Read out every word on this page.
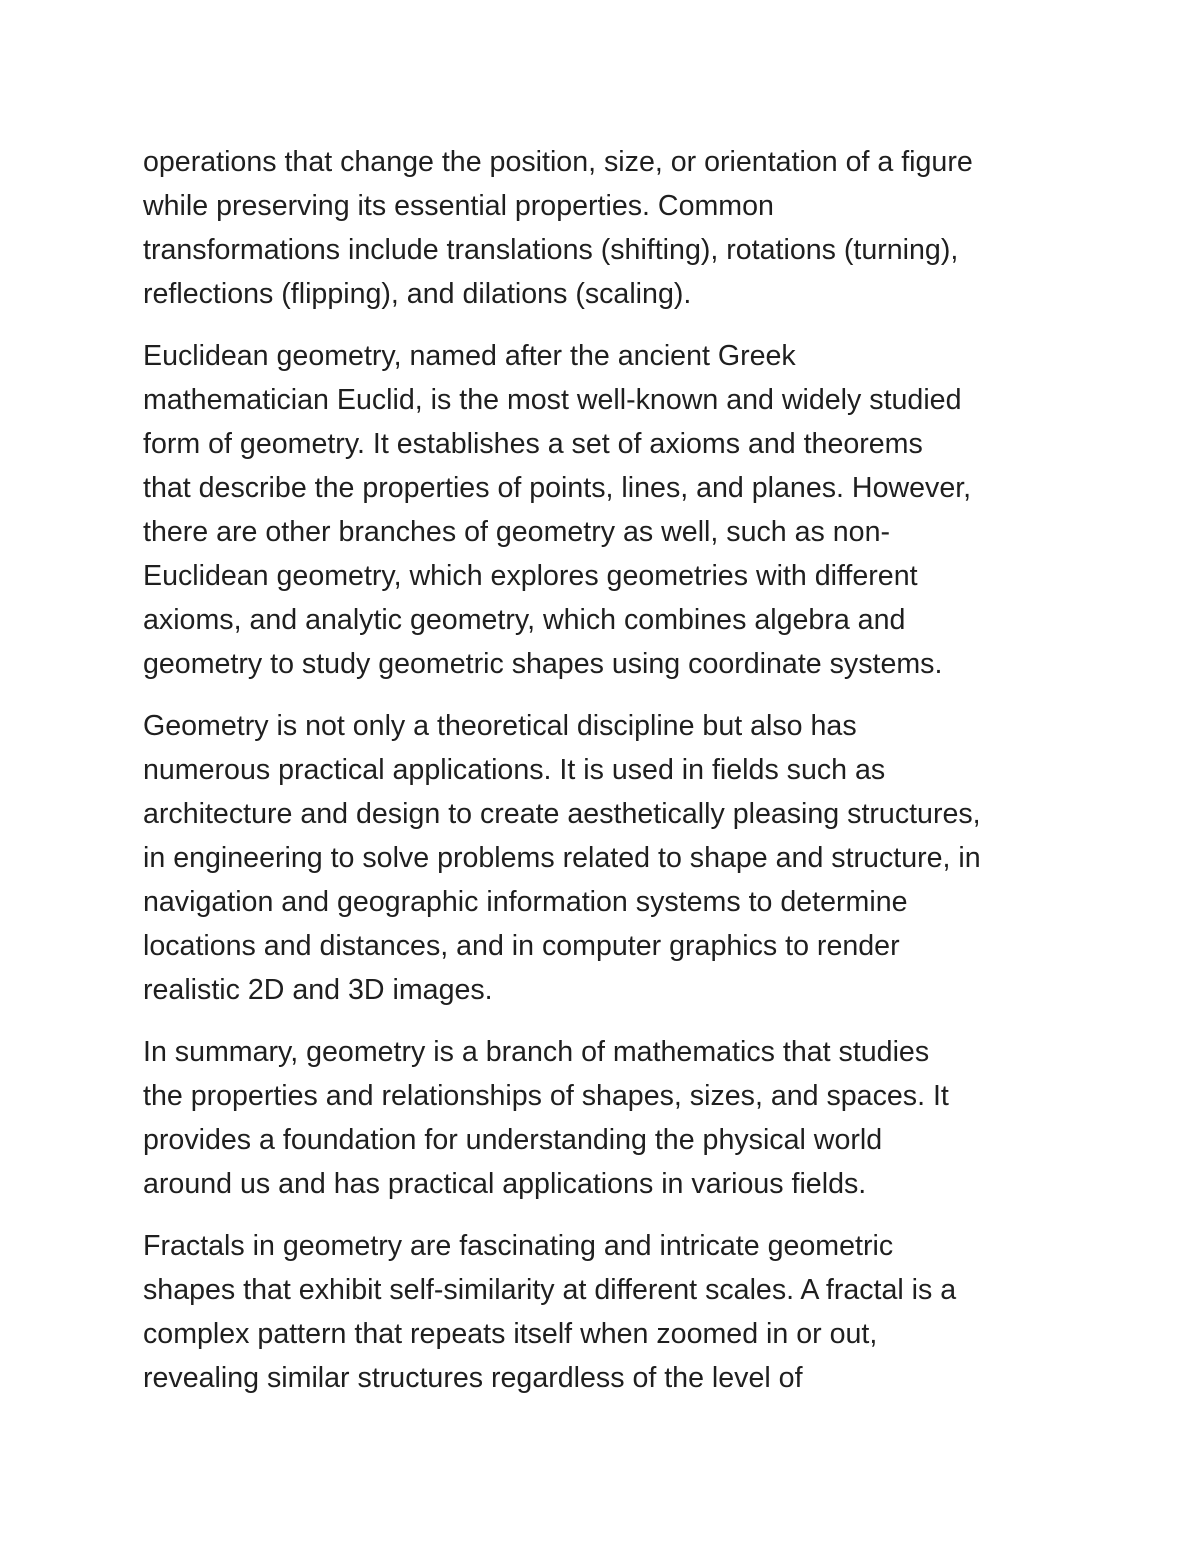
operations that change the position, size, or orientation of a figure
while preserving its essential properties. Common
transformations include translations (shifting), rotations (turning),
reflections (flipping), and dilations (scaling).

Euclidean geometry, named after the ancient Greek
mathematician Euclid, is the most well-known and widely studied
form of geometry. It establishes a set of axioms and theorems
that describe the properties of points, lines, and planes. However,
there are other branches of geometry as well, such as non-
Euclidean geometry, which explores geometries with different
axioms, and analytic geometry, which combines algebra and
geometry to study geometric shapes using coordinate systems.

Geometry is not only a theoretical discipline but also has
numerous practical applications. It is used in fields such as
architecture and design to create aesthetically pleasing structures,
in engineering to solve problems related to shape and structure, in
navigation and geographic information systems to determine
locations and distances, and in computer graphics to render
realistic 2D and 3D images.

In summary, geometry is a branch of mathematics that studies
the properties and relationships of shapes, sizes, and spaces. It
provides a foundation for understanding the physical world
around us and has practical applications in various fields.

Fractals in geometry are fascinating and intricate geometric
shapes that exhibit self-similarity at different scales. A fractal is a
complex pattern that repeats itself when zoomed in or out,
revealing similar structures regardless of the level of
